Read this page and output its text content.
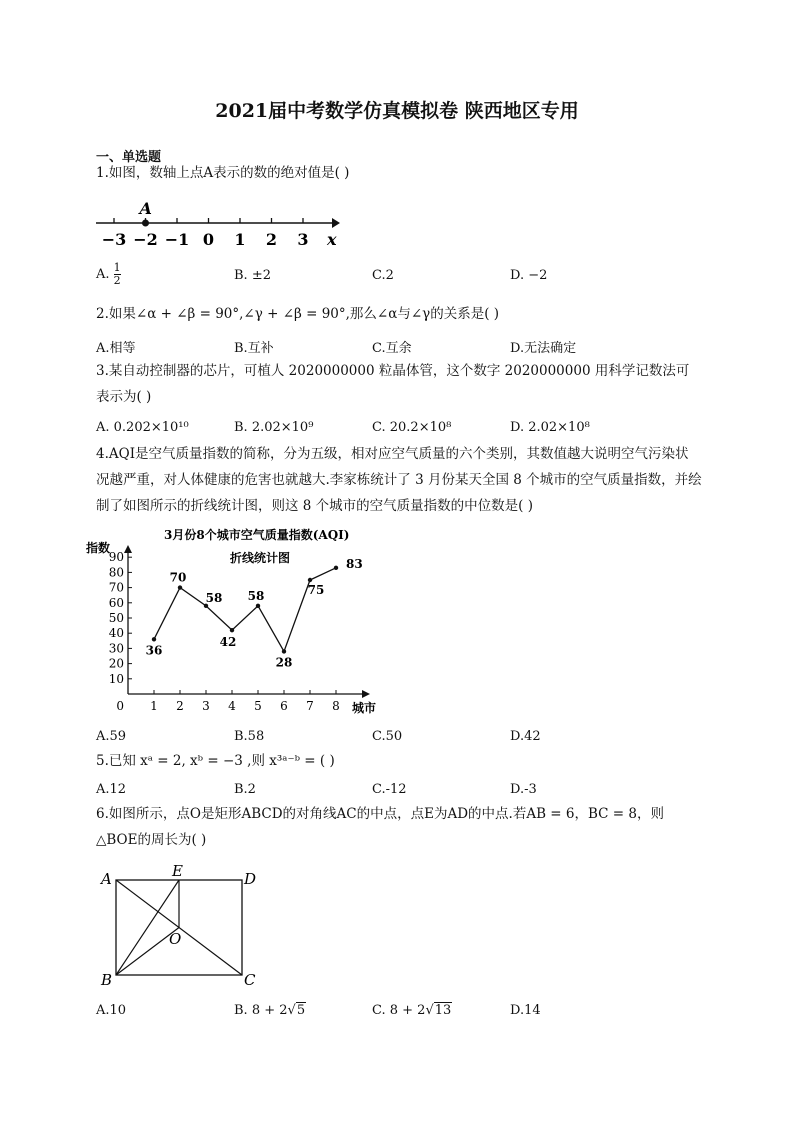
2021届中考数学仿真模拟卷 陕西地区专用
一、单选题
1.如图，数轴上点A表示的数的绝对值是( )
−3 −2 −1 0 1 2 3
A
x
A. $\frac{1}{2}$	B. ±2	C.2	D. −2
2.如果∠α + ∠β = 90°,∠γ + ∠β = 90°,那么∠α与∠γ的关系是( )
A.相等	B.互补	C.互余	D.无法确定
3.某自动控制器的芯片，可植人 2020000000 粒晶体管，这个数字 2020000000 用科学记数法可表示为( )
A. 0.202×10¹⁰	B. 2.02×10⁹	C. 20.2×10⁸	D. 2.02×10⁸
4.AQI是空气质量指数的简称，分为五级，相对应空气质量的六个类别，其数值越大说明空气污染状况越严重，对人体健康的危害也就越大.李家栋统计了 3 月份某天全国 8 个城市的空气质量指数，并绘制了如图所示的折线统计图，则这 8 个城市的空气质量指数的中位数是( )
3月份8个城市空气质量指数(AQI)
折线统计图
指数
城市
10
20
30
40
50
60
70
80
90
0 1 2 3 4 5 6 7 8
36
70
58
42
58
28
75
83
A.59	B.58	C.50	D.42
5.已知 xᵃ = 2, xᵇ = −3 ,则 x³ᵃ⁻ᵇ = ( )
A.12	B.2	C.-12	D.-3
6.如图所示，点O是矩形ABCD的对角线AC的中点，点E为AD的中点.若AB = 6，BC = 8，则△BOE的周长为( )
A	E	D
O
B	C
A.10	B. 8 + 2√5	C. 8 + 2√13	D.14
